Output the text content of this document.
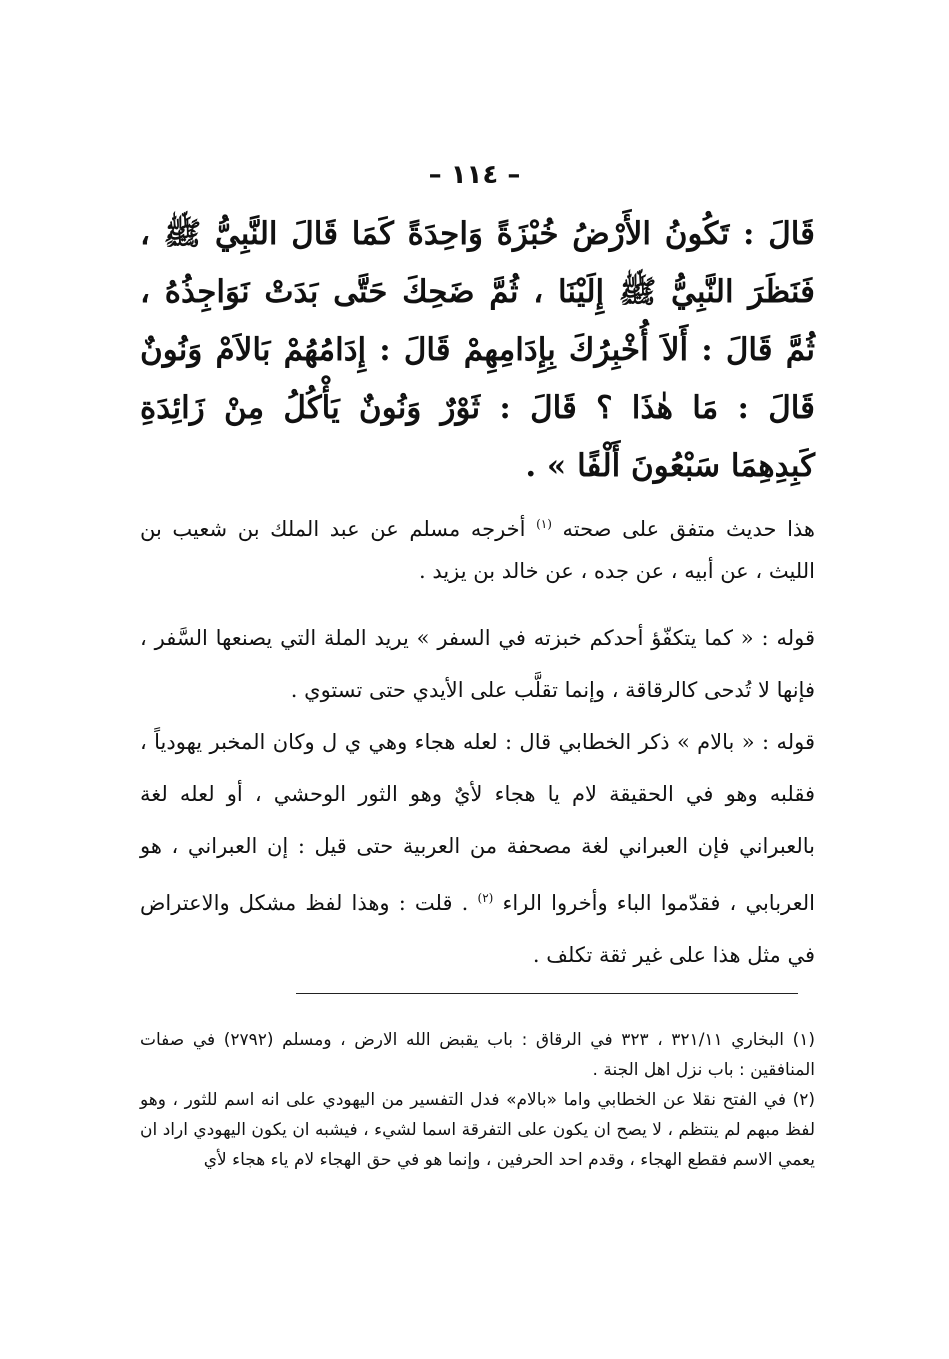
– ١١٤ –
قَالَ : تَكُونُ الأَرْضُ خُبْزَةً وَاحِدَةً كَمَا قَالَ النَّبِيُّ ﷺ ، فَنَظَرَ النَّبِيُّ ﷺ إِلَيْنَا ، ثُمَّ ضَحِكَ حَتَّى بَدَتْ نَوَاجِذُهُ ، ثُمَّ قَالَ : أَلاَ أُخْبِرُكَ بِإِدَامِهِمْ قَالَ : إِدَامُهُمْ بَالاَمْ وَنُونٌ قَالَ : مَا هٰذَا ؟ قَالَ : ثَوْرٌ وَنُونٌ يَأْكُلُ مِنْ زَائِدَةِ كَبِدِهِمَا سَبْعُونَ أَلْفًا » .

هذا حديث متفق على صحته $^{(١)}$ أخرجه مسلم عن عبد الملك بن شعيب بن الليث ، عن أبيه ، عن جده ، عن خالد بن يزيد .

قوله : « كما يتكفّؤ أحدكم خبزته في السفر » يريد الملة التي يصنعها السَّفر ، فإنها لا تُدحى كالرقاقة ، وإنما تقلَّب على الأيدي حتى تستوي .

قوله : « بالام » ذكر الخطابي قال : لعله هجاء وهي ي ل وكان المخبر يهودياً ، فقلبه وهو في الحقيقة لام يا هجاء لأيٌ وهو الثور الوحشي ، أو لعله لغة بالعبراني فإن العبراني لغة مصحفة من العربية حتى قيل : إن العبراني ، هو العربابي ، فقدّموا الباء وأخروا الراء $^{(٢)}$ . قلت : وهذا لفظ مشكل والاعتراض في مثل هذا على غير ثقة تكلف .

(١) البخاري ٣٢١/١١ ، ٣٢٣ في الرقاق : باب يقبض الله الارض ، ومسلم (٢٧٩٢) في صفات المنافقين : باب نزل اهل الجنة .

(٢) في الفتح نقلا عن الخطابي واما «بالام» فدل التفسير من اليهودي على انه اسم للثور ، وهو لفظ مبهم لم ينتظم ، لا يصح ان يكون على التفرقة اسما لشيء ، فيشبه ان يكون اليهودي اراد ان يعمي الاسم فقطع الهجاء ، وقدم احد الحرفين ، وإنما هو في حق الهجاء لام ياء هجاء لأي
